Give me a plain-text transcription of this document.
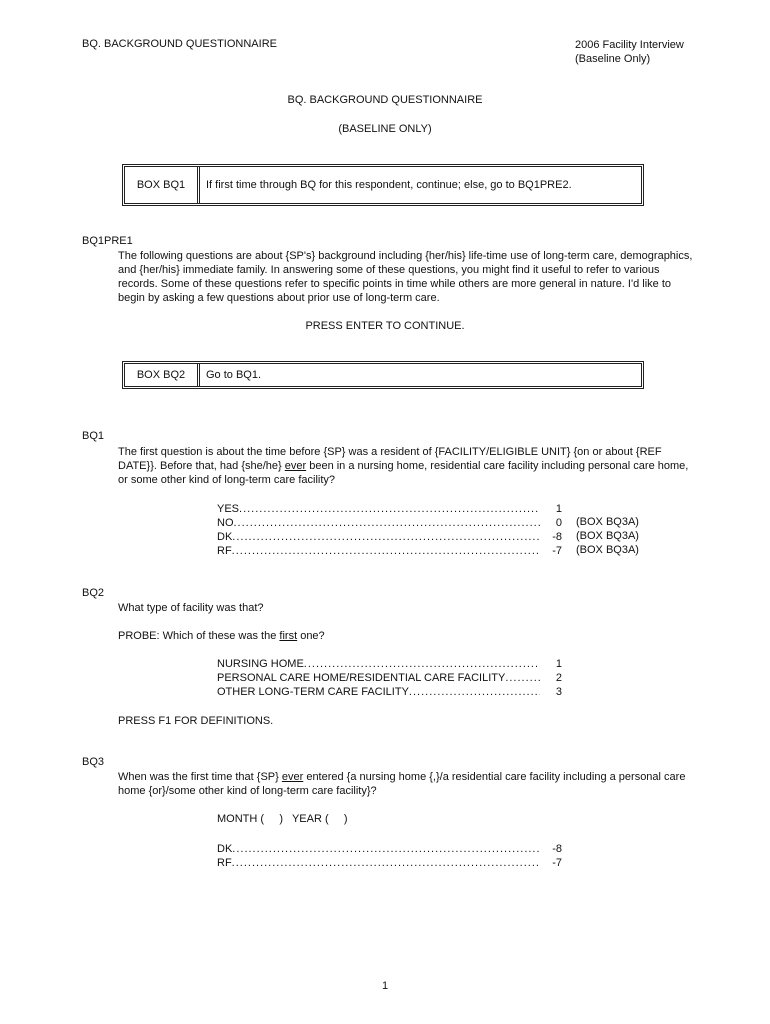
BQ. BACKGROUND QUESTIONNAIRE	2006 Facility Interview
(Baseline Only)
BQ. BACKGROUND QUESTIONNAIRE
(BASELINE ONLY)
BOX BQ1	If first time through BQ for this respondent, continue; else, go to BQ1PRE2.
BQ1PRE1
The following questions are about {SP's} background including {her/his} life-time use of long-term care, demographics, and {her/his} immediate family. In answering some of these questions, you might find it useful to refer to various records. Some of these questions refer to specific points in time while others are more general in nature. I'd like to begin by asking a few questions about prior use of long-term care.
PRESS ENTER TO CONTINUE.
BOX BQ2	Go to BQ1.
BQ1
The first question is about the time before {SP} was a resident of {FACILITY/ELIGIBLE UNIT} {on or about {REF DATE}}. Before that, had {she/he} ever been in a nursing home, residential care facility including personal care home, or some other kind of long-term care facility?
YES .....	1
NO .....	0 (BOX BQ3A)
DK .....	-8 (BOX BQ3A)
RF .....	-7 (BOX BQ3A)
BQ2
What type of facility was that?
PROBE: Which of these was the first one?
NURSING HOME .....	1
PERSONAL CARE HOME/RESIDENTIAL CARE FACILITY .....	2
OTHER LONG-TERM CARE FACILITY .....	3
PRESS F1 FOR DEFINITIONS.
BQ3
When was the first time that {SP} ever entered {a nursing home {,}/a residential care facility including a personal care home {or}/some other kind of long-term care facility}?
MONTH (     )   YEAR (     )
DK .....	-8
RF .....	-7
1
